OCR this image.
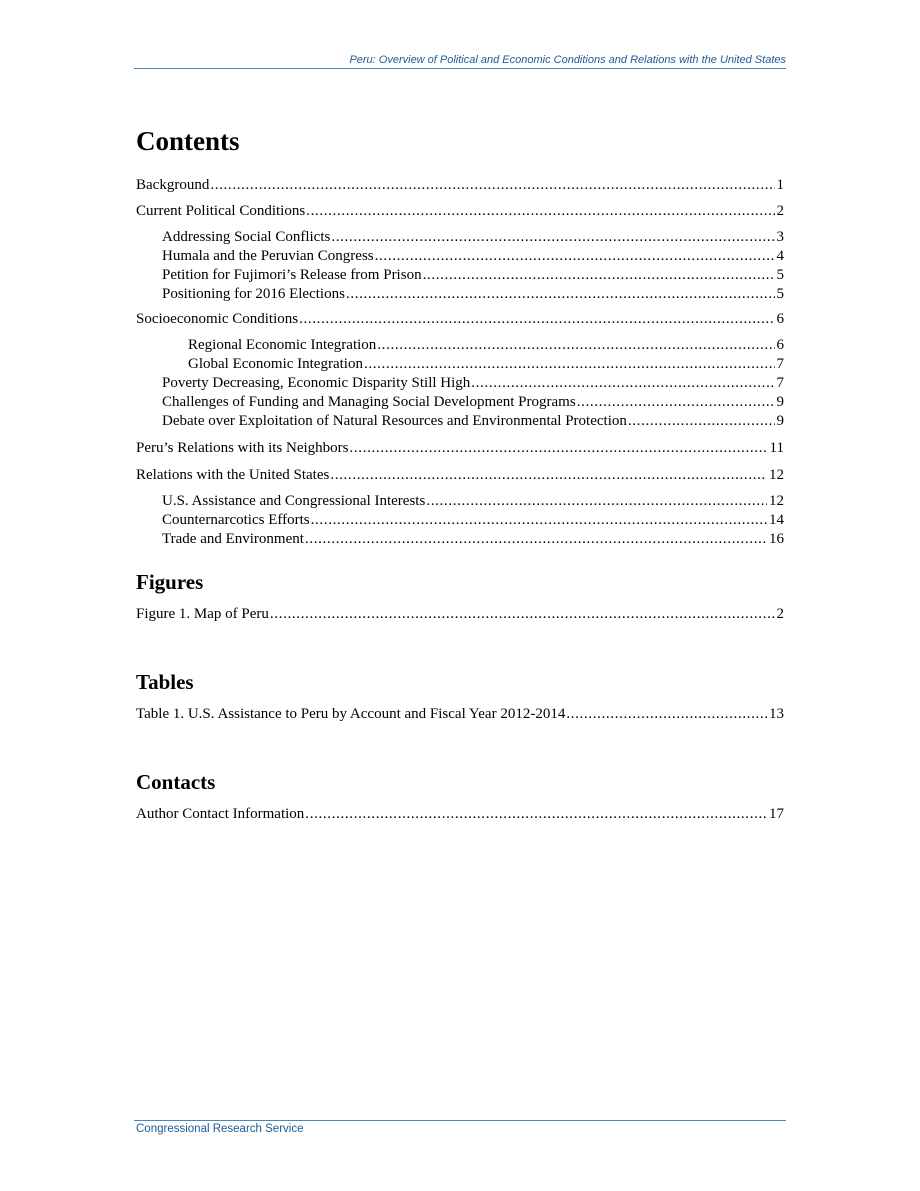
Peru: Overview of Political and Economic Conditions and Relations with the United States
Contents
Background . . .	1
Current Political Conditions . . .	2
Addressing Social Conflicts . . .	3
Humala and the Peruvian Congress . . .	4
Petition for Fujimori’s Release from Prison . . .	5
Positioning for 2016 Elections . . .	5
Socioeconomic Conditions . . .	6
Regional Economic Integration . . .	6
Global Economic Integration . . .	7
Poverty Decreasing, Economic Disparity Still High . . .	7
Challenges of Funding and Managing Social Development Programs . . .	9
Debate over Exploitation of Natural Resources and Environmental Protection . . .	9
Peru’s Relations with its Neighbors . . .	11
Relations with the United States . . .	12
U.S. Assistance and Congressional Interests . . .	12
Counternarcotics Efforts . . .	14
Trade and Environment . . .	16
Figures
Figure 1. Map of Peru . . .	2
Tables
Table 1. U.S. Assistance to Peru by Account and Fiscal Year 2012-2014 . . .	13
Contacts
Author Contact Information . . .	17
Congressional Research Service
